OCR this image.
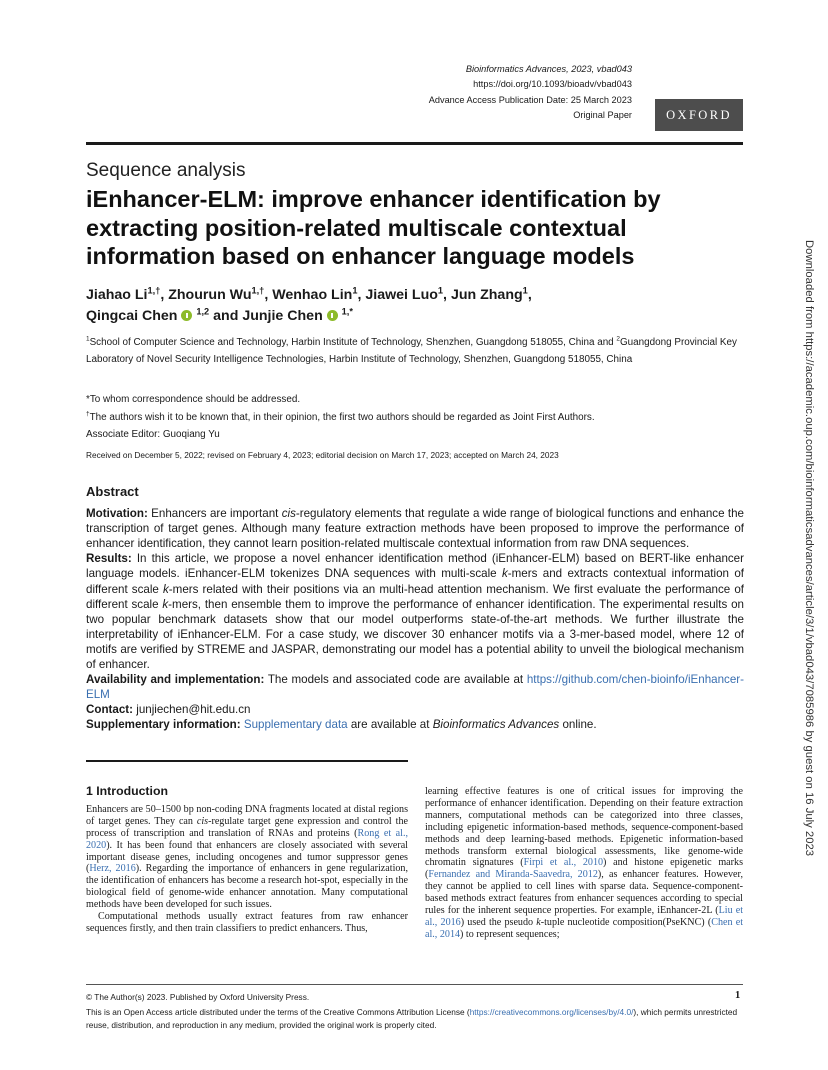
Bioinformatics Advances, 2023, vbad043
https://doi.org/10.1093/bioadv/vbad043
Advance Access Publication Date: 25 March 2023
Original Paper	OXFORD
Sequence analysis
iEnhancer-ELM: improve enhancer identification by extracting position-related multiscale contextual information based on enhancer language models
Jiahao $Li^{1,\dagger}$, Zhourun $Wu^{1,\dagger}$, Wenhao Lin$^1$, Jiawei Luo$^1$, Jun Zhang$^1$,
Qingcai Chen $^{1,2}$ and Junjie Chen $^{1,*}$
$^1$School of Computer Science and Technology, Harbin Institute of Technology, Shenzhen, Guangdong 518055, China and $^2$Guangdong Provincial Key Laboratory of Novel Security Intelligence Technologies, Harbin Institute of Technology, Shenzhen, Guangdong 518055, China
*To whom correspondence should be addressed.
†The authors wish it to be known that, in their opinion, the first two authors should be regarded as Joint First Authors.
Associate Editor: Guoqiang Yu
Received on December 5, 2022; revised on February 4, 2023; editorial decision on March 17, 2023; accepted on March 24, 2023
Abstract

Motivation: Enhancers are important cis-regulatory elements that regulate a wide range of biological functions and enhance the transcription of target genes. Although many feature extraction methods have been proposed to improve the performance of enhancer identification, they cannot learn position-related multiscale contextual information from raw DNA sequences.

Results: In this article, we propose a novel enhancer identification method (iEnhancer-ELM) based on BERT-like enhancer language models. iEnhancer-ELM tokenizes DNA sequences with multi-scale k-mers and extracts contextual information of different scale k-mers related with their positions via an multi-head attention mechanism. We first evaluate the performance of different scale k-mers, then ensemble them to improve the performance of enhancer identification. The experimental results on two popular benchmark datasets show that our model outperforms state-of-the-art methods. We further illustrate the interpretability of iEnhancer-ELM. For a case study, we discover 30 enhancer motifs via a 3-mer-based model, where 12 of motifs are verified by STREME and JASPAR, demonstrating our model has a potential ability to unveil the biological mechanism of enhancer.

Availability and implementation: The models and associated code are available at https://github.com/chen-bioinfo/iEnhancer-ELM

Contact: junjiechen@hit.edu.cn

Supplementary information: Supplementary data are available at Bioinformatics Advances online.

1 Introduction

Enhancers are 50–1500 bp non-coding DNA fragments located at distal regions of target genes. They can cis-regulate target gene expression and control the process of transcription and translation of RNAs and proteins (Rong et al., 2020). It has been found that enhancers are closely associated with several important disease genes, including oncogenes and tumor suppressor genes (Herz, 2016). Regarding the importance of enhancers in gene regularization, the identification of enhancers has become a research hot-spot, especially in the biological field of genome-wide enhancer annotation. Many computational methods have been developed for such issues.

Computational methods usually extract features from raw enhancer sequences firstly, and then train classifiers to predict enhancers. Thus,

learning effective features is one of critical issues for improving the performance of enhancer identification. Depending on their feature extraction manners, computational methods can be categorized into three classes, including epigenetic information-based methods, sequence-component-based methods and deep learning-based methods. Epigenetic information-based methods transform external biological assessments, like genome-wide chromatin signatures (Firpi et al., 2010) and histone epigenetic marks (Fernandez and Miranda-Saavedra, 2012), as enhancer features. However, they cannot be applied to cell lines with sparse data. Sequence-component-based methods extract features from enhancer sequences according to special rules for the inherent sequence properties. For example, iEnhancer-2L (Liu et al., 2016) used the pseudo k-tuple nucleotide composition(PseKNC) (Chen et al., 2014) to represent sequences;

© The Author(s) 2023. Published by Oxford University Press.	1
This is an Open Access article distributed under the terms of the Creative Commons Attribution License (https://creativecommons.org/licenses/by/4.0/), which permits unrestricted reuse, distribution, and reproduction in any medium, provided the original work is properly cited.
Downloaded from https://academic.oup.com/bioinformaticsadvances/article/3/1/vbad043/7085986 by guest on 16 July 2023
